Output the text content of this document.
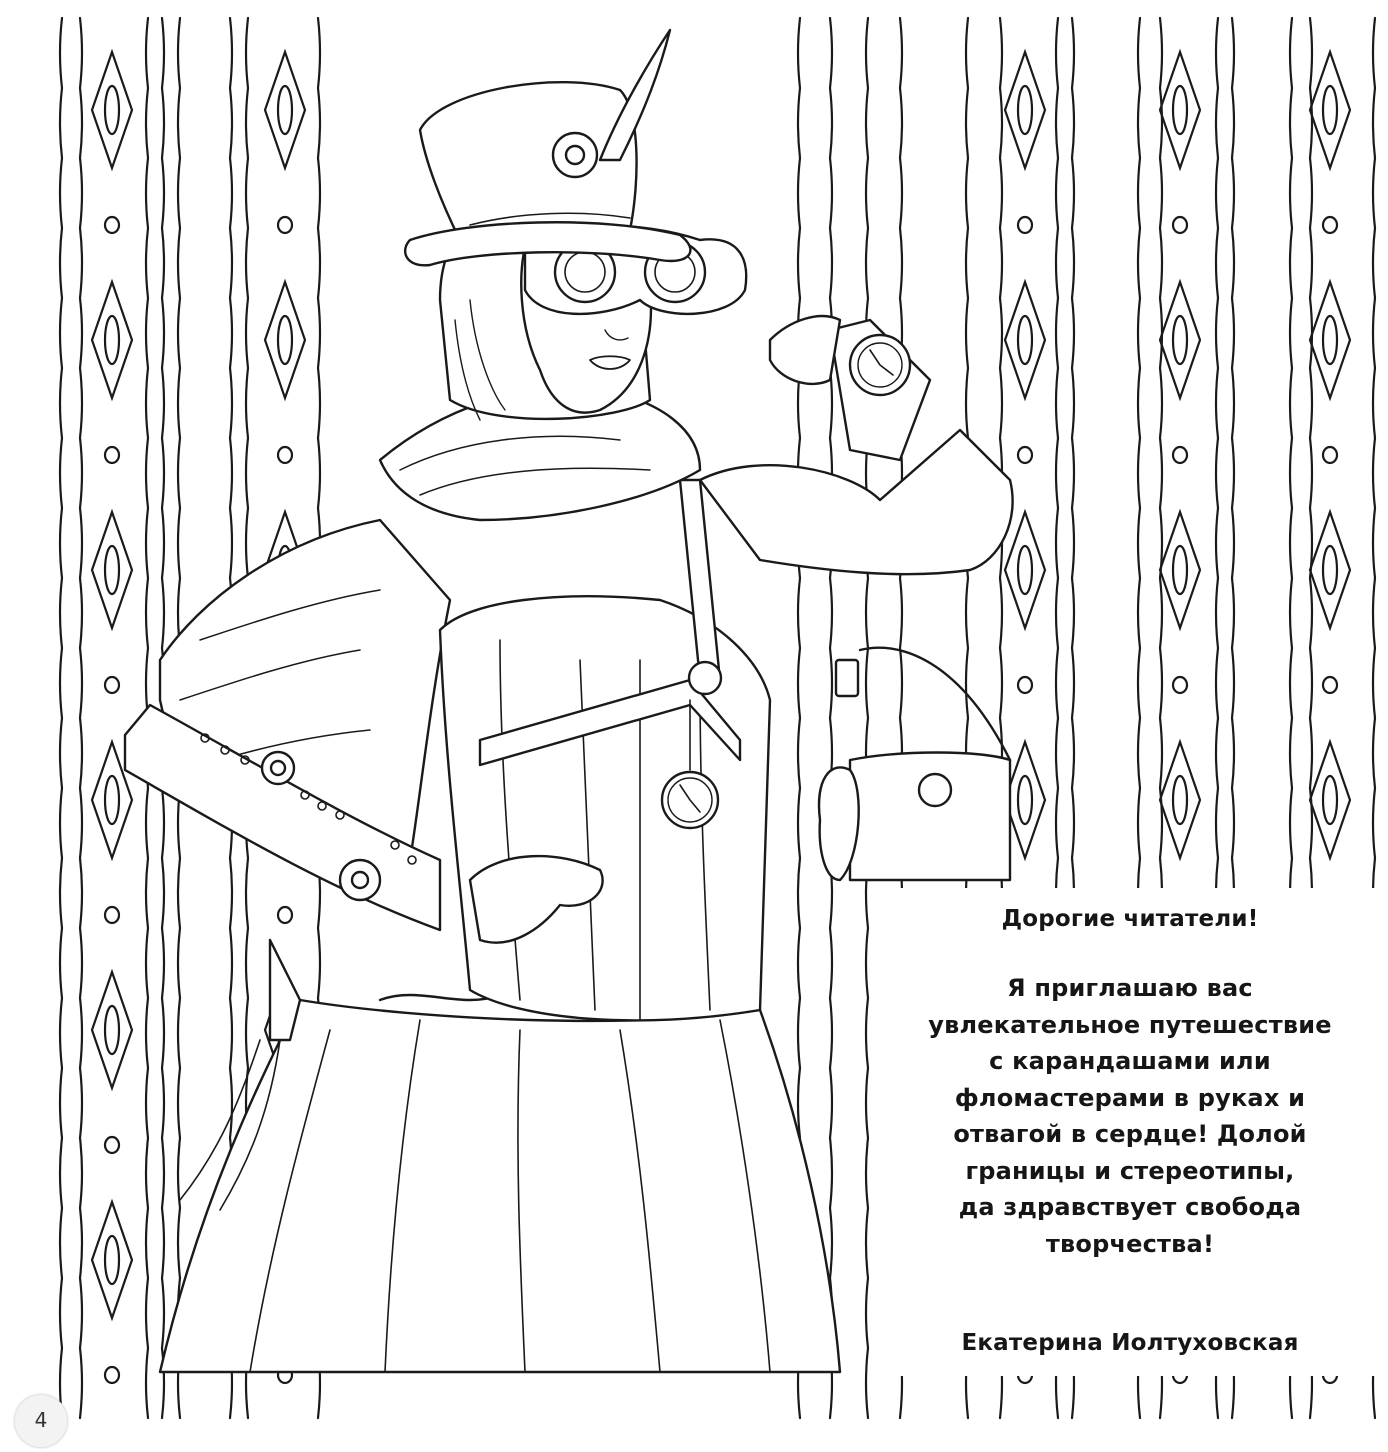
Дорогие читатели!
Я приглашаю вас
увлекательное путешествие
с карандашами или
фломастерами в руках и
отвагой в сердце! Долой
границы и стереотипы,
да здравствует свобода
творчества!
Екатерина Иолтуховская
4
